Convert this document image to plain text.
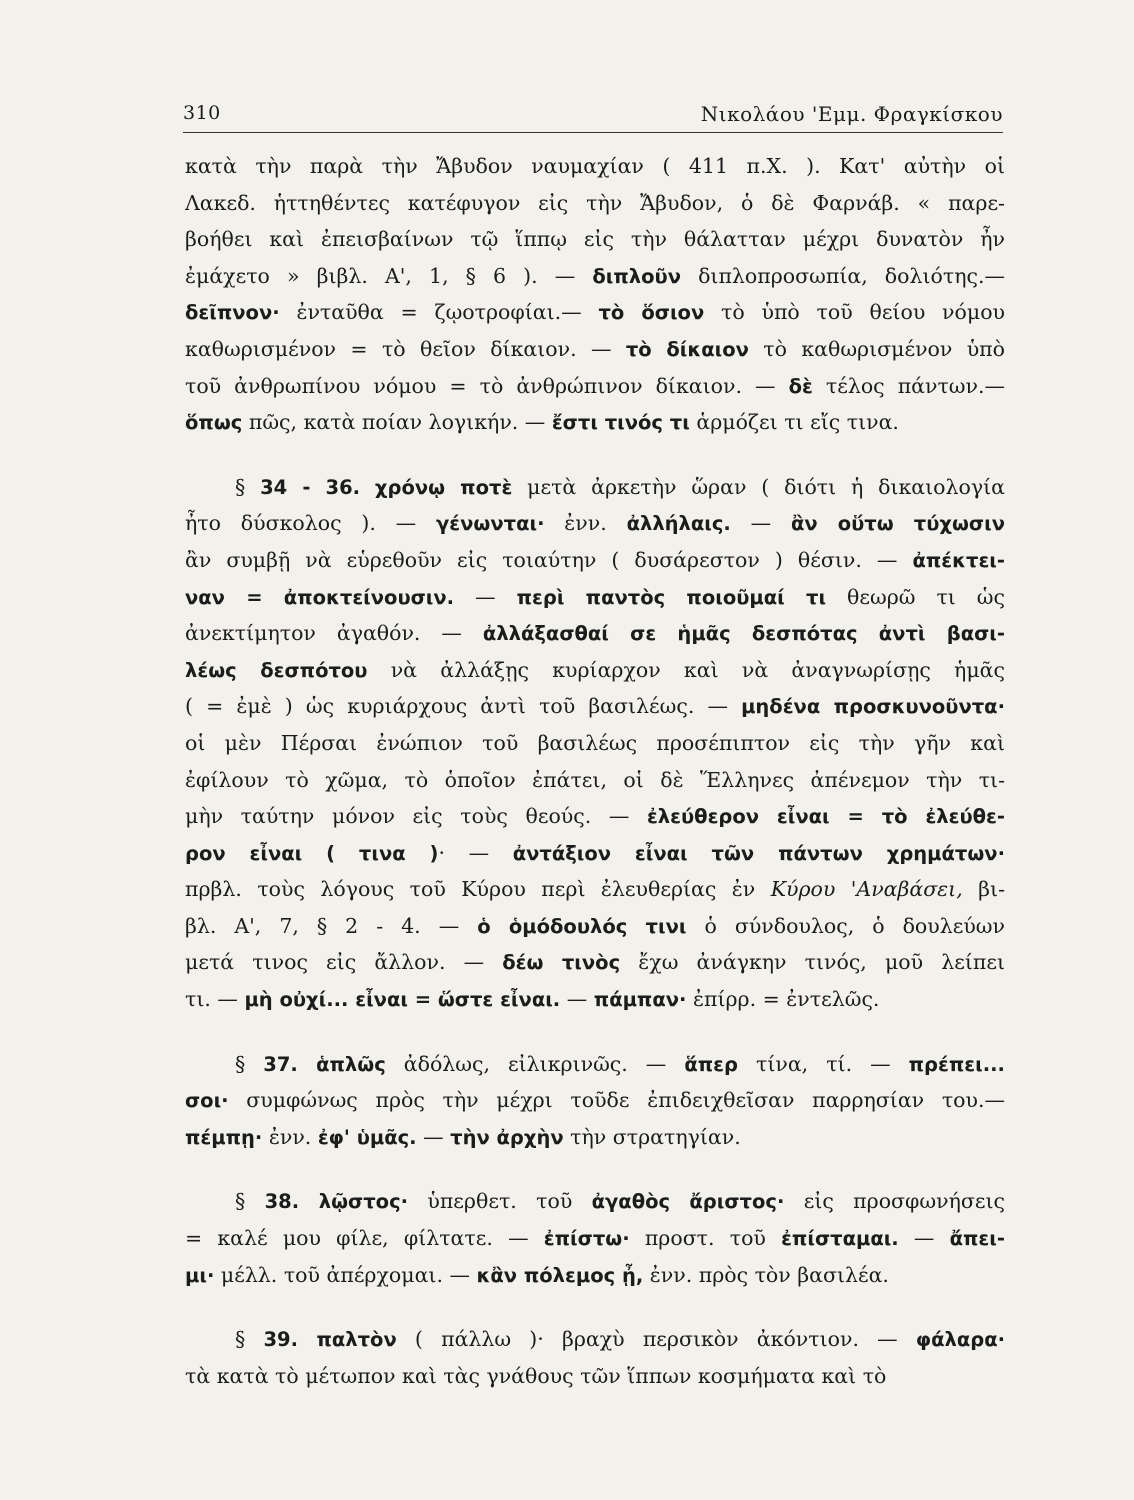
310	Νικολάου 'Εμμ. Φραγκίσκου
κατὰ τὴν παρὰ τὴν Ἄβυδον ναυμαχίαν ( 411 π.Χ. ). Κατ' αὐτὴν οἱ
Λακεδ. ἡττηθέντες κατέφυγον εἰς τὴν Ἄβυδον, ὁ δὲ Φαρνάβ. « παρε-
βοήθει καὶ ἐπεισβαίνων τῷ ἵππῳ εἰς τὴν θάλατταν μέχρι δυνατὸν ἦν
ἐμάχετο » βιβλ. Α', 1, § 6 ). — διπλοῦν διπλοπροσωπία, δολιότης.—
δεῖπνον· ἐνταῦθα = ζῳοτροφίαι.— τὸ ὅσιον τὸ ὑπὸ τοῦ θείου νόμου
καθωρισμένον = τὸ θεῖον δίκαιον. — τὸ δίκαιον τὸ καθωρισμένον ὑπὸ
τοῦ ἀνθρωπίνου νόμου = τὸ ἀνθρώπινον δίκαιον. — δὲ τέλος πάντων.—
ὅπως πῶς, κατὰ ποίαν λογικήν. — ἔστι τινός τι ἁρμόζει τι εἴς τινα.
§ 34 - 36. χρόνῳ ποτὲ μετὰ ἀρκετὴν ὥραν ( διότι ἡ δικαιολογία
ἦτο δύσκολος ). — γένωνται· ἐνν. ἀλλήλαις. — ἂν οὕτω τύχωσιν
ἂν συμβῇ νὰ εὑρεθοῦν εἰς τοιαύτην ( δυσάρεστον ) θέσιν. — ἀπέκτει-
ναν = ἀποκτείνουσιν. — περὶ παντὸς ποιοῦμαί τι θεωρῶ τι ὡς
ἀνεκτίμητον ἀγαθόν. — ἀλλάξασθαί σε ἡμᾶς δεσπότας ἀντὶ βασι-
λέως δεσπότου νὰ ἀλλάξῃς κυρίαρχον καὶ νὰ ἀναγνωρίσῃς ἡμᾶς
( = ἐμὲ ) ὡς κυριάρχους ἀντὶ τοῦ βασιλέως. — μηδένα προσκυνοῦντα·
οἱ μὲν Πέρσαι ἐνώπιον τοῦ βασιλέως προσέπιπτον εἰς τὴν γῆν καὶ
ἐφίλουν τὸ χῶμα, τὸ ὁποῖον ἐπάτει, οἱ δὲ Ἕλληνες ἀπένεμον τὴν τι-
μὴν ταύτην μόνον εἰς τοὺς θεούς. — ἐλεύθερον εἶναι = τὸ ἐλεύθε-
ρον εἶναι ( τινα )· — ἀντάξιον εἶναι τῶν πάντων χρημάτων·
πρβλ. τοὺς λόγους τοῦ Κύρου περὶ ἐλευθερίας ἐν Κύρου 'Αναβάσει, βι-
βλ. Α', 7, § 2 - 4. — ὁ ὁμόδουλός τινι ὁ σύνδουλος, ὁ δουλεύων
μετά τινος εἰς ἄλλον. — δέω τινὸς ἔχω ἀνάγκην τινός, μοῦ λείπει
τι. — μὴ οὐχί... εἶναι = ὥστε εἶναι. — πάμπαν· ἐπίρρ. = ἐντελῶς.
§ 37. ἁπλῶς ἀδόλως, εἰλικρινῶς. — ἅπερ τίνα, τί. — πρέπει...
σοι· συμφώνως πρὸς τὴν μέχρι τοῦδε ἐπιδειχθεῖσαν παρρησίαν του.—
πέμπῃ· ἐνν. ἐφ' ὑμᾶς. — τὴν ἀρχὴν τὴν στρατηγίαν.
§ 38. λῷστος· ὑπερθετ. τοῦ ἀγαθὸς ἄριστος· εἰς προσφωνήσεις
= καλέ μου φίλε, φίλτατε. — ἐπίστω· προστ. τοῦ ἐπίσταμαι. — ἄπει-
μι· μέλλ. τοῦ ἀπέρχομαι. — κἂν πόλεμος ᾖ, ἐνν. πρὸς τὸν βασιλέα.
§ 39. παλτὸν ( πάλλω )· βραχὺ περσικὸν ἀκόντιον. — φάλαρα·
τὰ κατὰ τὸ μέτωπον καὶ τὰς γνάθους τῶν ἵππων κοσμήματα καὶ τὸ
